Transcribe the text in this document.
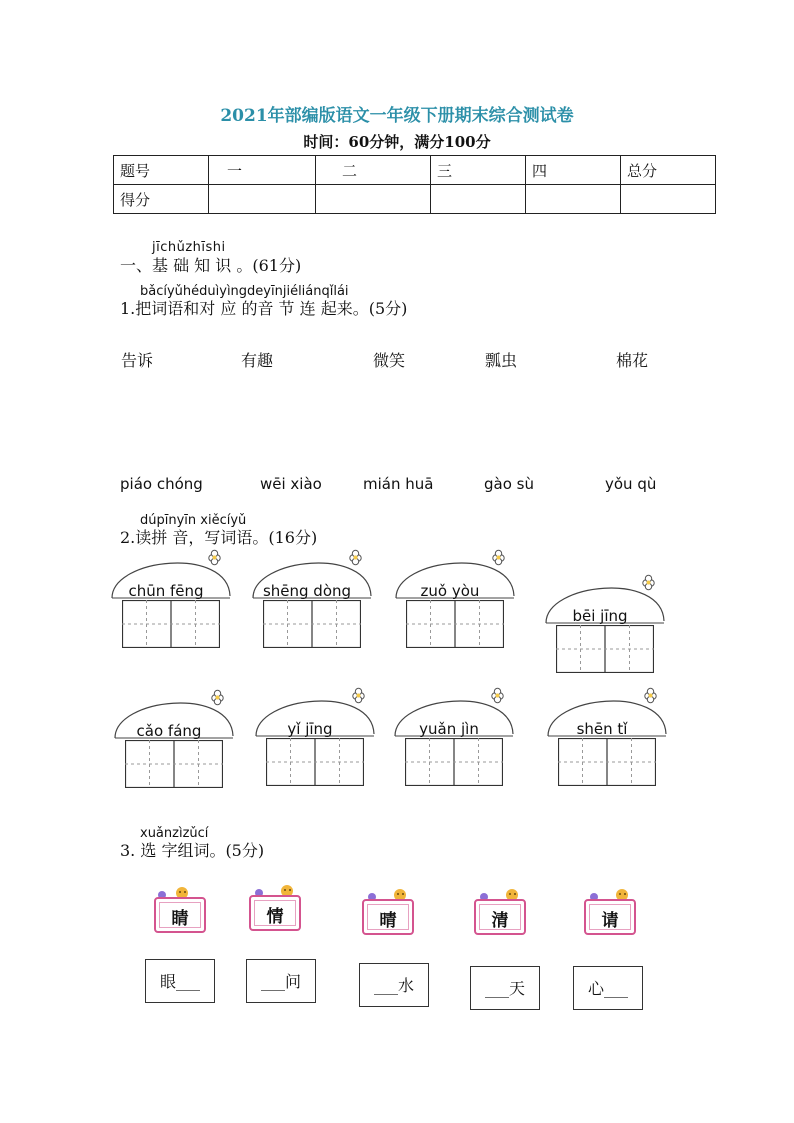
2021年部编版语文一年级下册期末综合测试卷
时间：60分钟，满分100分
题号	一	二	三	四	总分
得分					
jīchǔzhīshi
一、基 础 知 识 。(61分)
bǎcíyǔhéduìyìngdeyīnjiéliánqǐlái
1.把词语和对 应 的音 节 连 起来。(5分)
告诉	有趣	微笑	瓢虫	棉花
piáo chóng	wēi xiào	mián huā	gào sù	yǒu qù
dúpīnyīn xiěcíyǔ
2.读拼 音，写词语。(16分)
chūn fēng	shēng dòng	zuǒ yòu
bēi jīng
cǎo fáng	yǐ jīng	yuǎn jìn	shēn tǐ
xuǎnzìzǔcí
3. 选 字组词。(5分)
睛	情	晴	清	请
眼___	___问	___水	___天	心___
